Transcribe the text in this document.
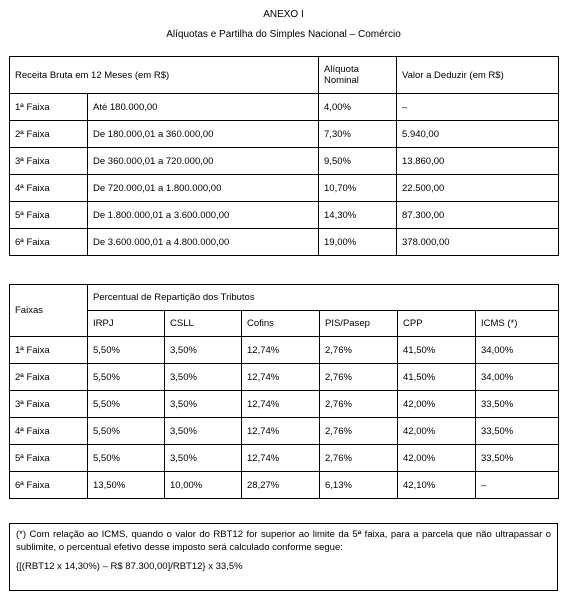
ANEXO I
Alíquotas e Partilha do Simples Nacional – Comércio
Receita Bruta em 12 Meses (em R$)		Alíquota Nominal	Valor a Deduzir (em R$)
1ª Faixa	Até 180.000,00	4,00%	–
2ª Faixa	De 180.000,01 a 360.000,00	7,30%	5.940,00
3ª Faixa	De 360.000,01 a 720.000,00	9,50%	13.860,00
4ª Faixa	De 720.000,01 a 1.800.000,00	10,70%	22.500,00
5ª Faixa	De 1.800.000,01 a 3.600.000,00	14,30%	87.300,00
6ª Faixa	De 3.600.000,01 a 4.800.000,00	19,00%	378.000,00
Faixas	Percentual de Repartição dos Tributos					
	IRPJ	CSLL	Cofins	PIS/Pasep	CPP	ICMS (*)
1ª Faixa	5,50%	3,50%	12,74%	2,76%	41,50%	34,00%
2ª Faixa	5,50%	3,50%	12,74%	2,76%	41,50%	34,00%
3ª Faixa	5,50%	3,50%	12,74%	2,76%	42,00%	33,50%
4ª Faixa	5,50%	3,50%	12,74%	2,76%	42,00%	33,50%
5ª Faixa	5,50%	3,50%	12,74%	2,76%	42,00%	33,50%
6ª Faixa	13,50%	10,00%	28,27%	6,13%	42,10%	–

(*) Com relação ao ICMS, quando o valor do RBT12 for superior ao limite da 5ª faixa, para a parcela que não ultrapassar o sublimite, o percentual efetivo desse imposto será calculado conforme segue:

{[(RBT12 x 14,30%) – R$ 87.300,00]/RBT12} x 33,5%
